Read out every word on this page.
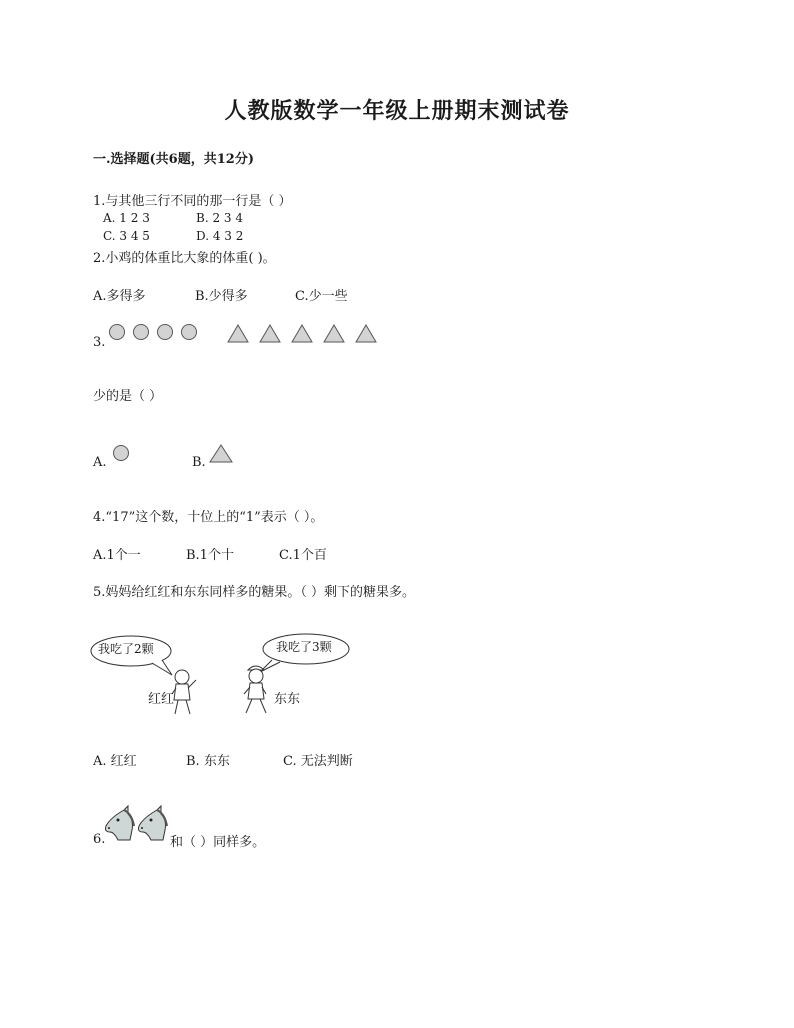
人教版数学一年级上册期末测试卷
一.选择题(共6题，共12分)
1.与其他三行不同的那一行是（ ）
A. 1 2 3	B. 2 3 4
C. 3 4 5	D. 4 3 2
2.小鸡的体重比大象的体重( )。
A.多得多	B.少得多	C.少一些
3.
少的是（ ）
A.	B.
4.“17”这个数，十位上的“1”表示（ ）。
A.1个一	B.1个十	C.1个百
5.妈妈给红红和东东同样多的糖果。（ ）剩下的糖果多。
我吃了2颗	我吃了3颗
红红	东东
A. 红红	B. 东东	C. 无法判断
6.	和（ ）同样多。
